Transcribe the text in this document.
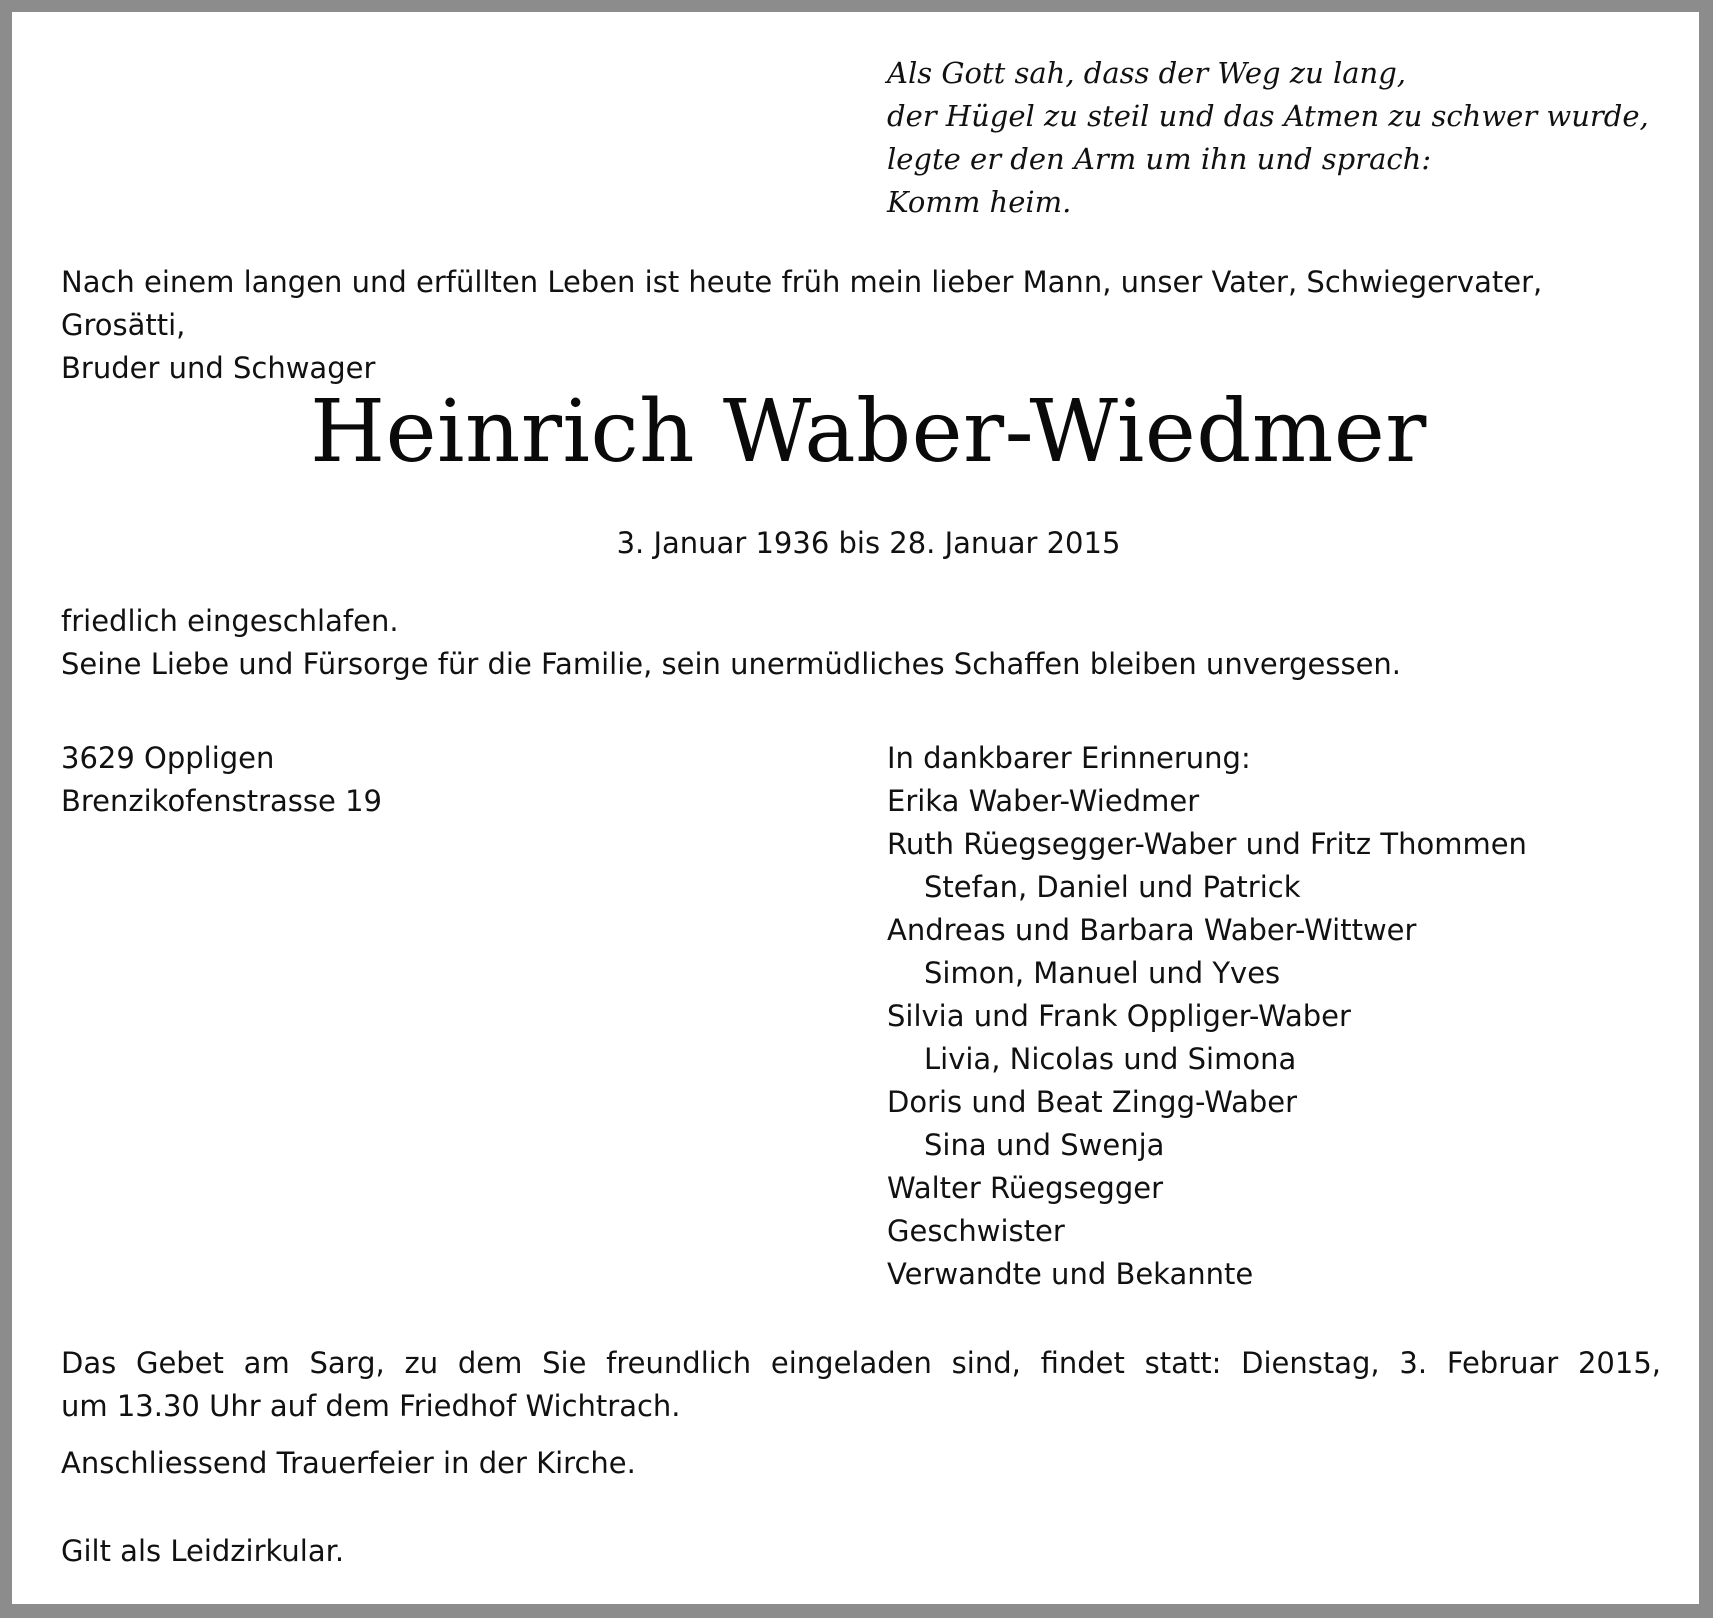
Als Gott sah, dass der Weg zu lang,
der Hügel zu steil und das Atmen zu schwer wurde,
legte er den Arm um ihn und sprach:
Komm heim.
Nach einem langen und erfüllten Leben ist heute früh mein lieber Mann, unser Vater, Schwiegervater, Grosätti,
Bruder und Schwager
Heinrich Waber-Wiedmer
3. Januar 1936 bis 28. Januar 2015
friedlich eingeschlafen.
Seine Liebe und Fürsorge für die Familie, sein unermüdliches Schaffen bleiben unvergessen.
3629 Oppligen
Brenzikofenstrasse 19
In dankbarer Erinnerung:
Erika Waber-Wiedmer
Ruth Rüegsegger-Waber und Fritz Thommen
Stefan, Daniel und Patrick
Andreas und Barbara Waber-Wittwer
Simon, Manuel und Yves
Silvia und Frank Oppliger-Waber
Livia, Nicolas und Simona
Doris und Beat Zingg-Waber
Sina und Swenja
Walter Rüegsegger
Geschwister
Verwandte und Bekannte
Das Gebet am Sarg, zu dem Sie freundlich eingeladen sind, findet statt: Dienstag, 3. Februar 2015,
um 13.30 Uhr auf dem Friedhof Wichtrach.
Anschliessend Trauerfeier in der Kirche.
Gilt als Leidzirkular.
